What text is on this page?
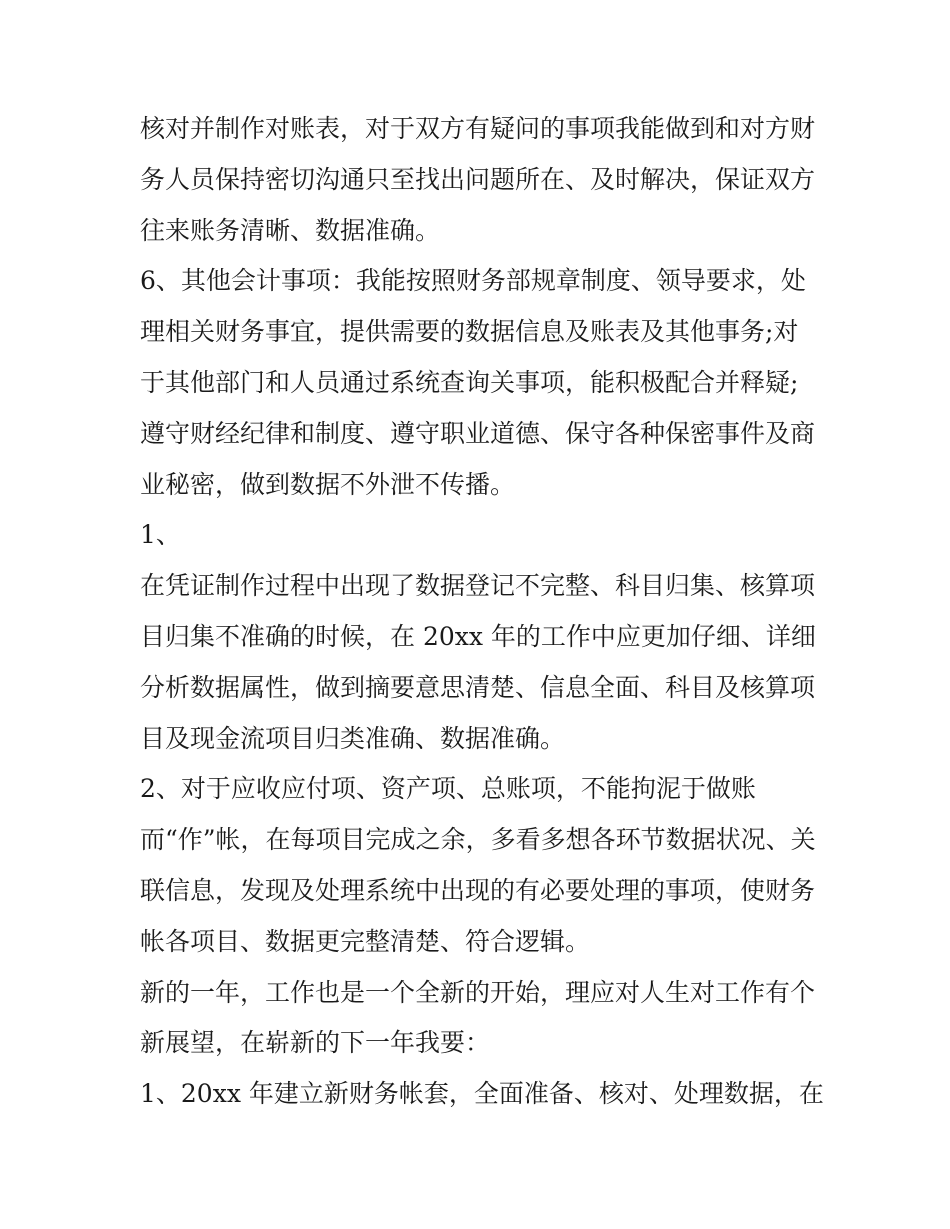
核对并制作对账表，对于双方有疑问的事项我能做到和对方财
务人员保持密切沟通只至找出问题所在、及时解决，保证双方
往来账务清晰、数据准确。
6、其他会计事项：我能按照财务部规章制度、领导要求，处
理相关财务事宜，提供需要的数据信息及账表及其他事务;对
于其他部门和人员通过系统查询关事项，能积极配合并释疑;
遵守财经纪律和制度、遵守职业道德、保守各种保密事件及商
业秘密，做到数据不外泄不传播。
1、
在凭证制作过程中出现了数据登记不完整、科目归集、核算项
目归集不准确的时候，在 20xx 年的工作中应更加仔细、详细
分析数据属性，做到摘要意思清楚、信息全面、科目及核算项
目及现金流项目归类准确、数据准确。
2、对于应收应付项、资产项、总账项，不能拘泥于做账
而“作”帐，在每项目完成之余，多看多想各环节数据状况、关
联信息，发现及处理系统中出现的有必要处理的事项，使财务
帐各项目、数据更完整清楚、符合逻辑。
新的一年，工作也是一个全新的开始，理应对人生对工作有个
新展望，在崭新的下一年我要：
1、20xx 年建立新财务帐套，全面准备、核对、处理数据，在
